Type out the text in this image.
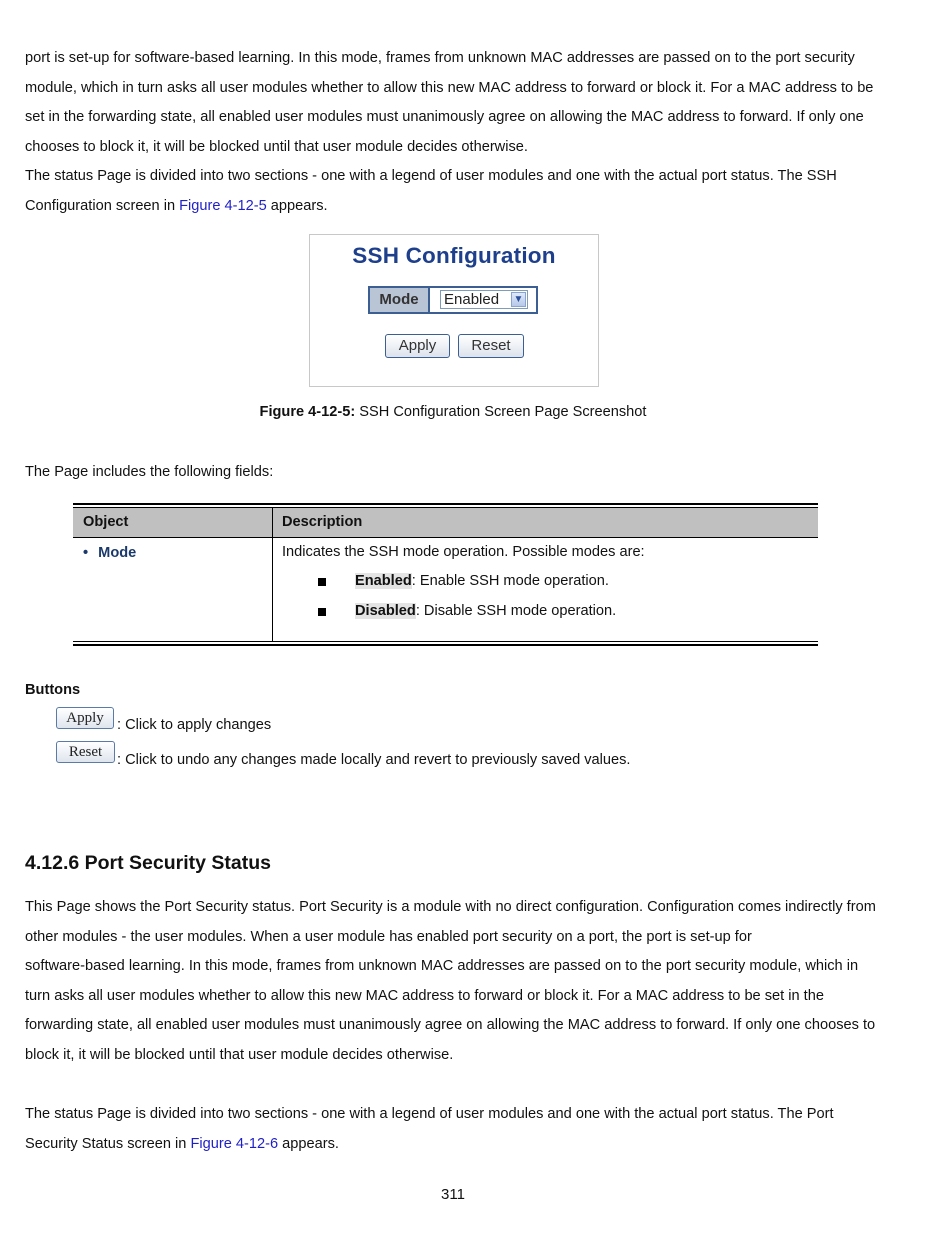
port is set-up for software-based learning. In this mode, frames from unknown MAC addresses are passed on to the port security
module, which in turn asks all user modules whether to allow this new MAC address to forward or block it. For a MAC address to be
set in the forwarding state, all enabled user modules must unanimously agree on allowing the MAC address to forward. If only one
chooses to block it, it will be blocked until that user module decides otherwise.
The status Page is divided into two sections - one with a legend of user modules and one with the actual port status. The SSH
Configuration screen in Figure 4-12-5 appears.
SSH Configuration
Mode	Enabled ▼
Apply	Reset
Figure 4-12-5: SSH Configuration Screen Page Screenshot
The Page includes the following fields:
Object	Description
• Mode	Indicates the SSH mode operation. Possible modes are:
Enabled: Enable SSH mode operation.
Disabled: Disable SSH mode operation.
Buttons
Apply : Click to apply changes
Reset	: Click to undo any changes made locally and revert to previously saved values.
4.12.6 Port Security Status
This Page shows the Port Security status. Port Security is a module with no direct configuration. Configuration comes indirectly from
other modules - the user modules. When a user module has enabled port security on a port, the port is set-up for
software-based learning. In this mode, frames from unknown MAC addresses are passed on to the port security module, which in
turn asks all user modules whether to allow this new MAC address to forward or block it. For a MAC address to be set in the
forwarding state, all enabled user modules must unanimously agree on allowing the MAC address to forward. If only one chooses to
block it, it will be blocked until that user module decides otherwise.
The status Page is divided into two sections - one with a legend of user modules and one with the actual port status. The Port
Security Status screen in Figure 4-12-6 appears.
311
